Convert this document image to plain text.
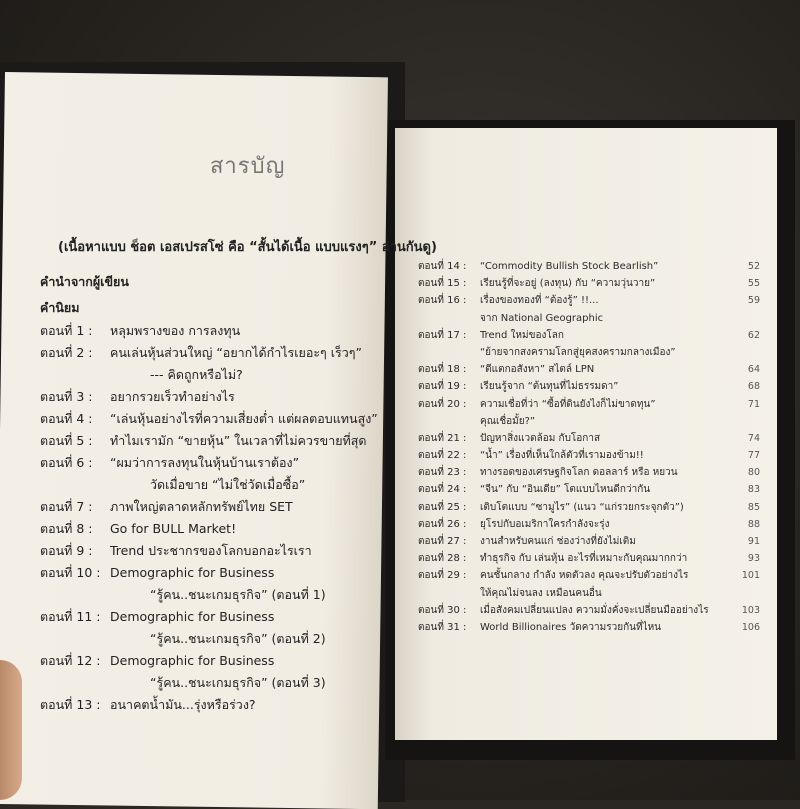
สารบัญ
(เนื้อหาแบบ ช็อต เอสเปรสโซ่ คือ “สั้นได้เนื้อ แบบแรงๆ” อ่านกันดู)
คำนำจากผู้เขียน
คำนิยม
ตอนที่ 1 : หลุมพรางของ การลงทุน
ตอนที่ 2 : คนเล่นหุ้นส่วนใหญ่ “อยากได้กำไรเยอะๆ เร็วๆ”
--- คิดถูกหรือไม่?
ตอนที่ 3 : อยากรวยเร็วทำอย่างไร
ตอนที่ 4 : “เล่นหุ้นอย่างไรที่ความเสี่ยงต่ำ แต่ผลตอบแทนสูง”
ตอนที่ 5 : ทำไมเรามัก “ขายหุ้น” ในเวลาที่ไม่ควรขายที่สุด
ตอนที่ 6 : “ผมว่าการลงทุนในหุ้นบ้านเราต้อง”
วัดเมื่อขาย “ไม่ใช่วัดเมื่อซื้อ”
ตอนที่ 7 : ภาพใหญ่ตลาดหลักทรัพย์ไทย SET
ตอนที่ 8 : Go for BULL Market!
ตอนที่ 9 : Trend ประชากรของโลกบอกอะไรเรา
ตอนที่ 10 : Demographic for Business
“รู้คน..ชนะเกมธุรกิจ” (ตอนที่ 1)
ตอนที่ 11 : Demographic for Business
“รู้คน..ชนะเกมธุรกิจ” (ตอนที่ 2)
ตอนที่ 12 : Demographic for Business
“รู้คน..ชนะเกมธุรกิจ” (ตอนที่ 3)
ตอนที่ 13 : อนาคตน้ำมัน...รุ่งหรือร่วง?
ตอนที่ 14 : “Commodity Bullish Stock Bearlish”	52
ตอนที่ 15 : เรียนรู้ที่จะอยู่ (ลงทุน) กับ “ความวุ่นวาย”	55
ตอนที่ 16 : เรื่องของทองที่ “ต้องรู้” !!...	59
จาก National Geographic
ตอนที่ 17 : Trend ใหม่ของโลก	62
“ย้ายจากสงครามโลกสู่ยุคสงครามกลางเมือง”
ตอนที่ 18 : “ตีแตกอสังหา” สไตล์ LPN	64
ตอนที่ 19 : เรียนรู้จาก “ต้นทุนที่ไม่ธรรมดา”	68
ตอนที่ 20 : ความเชื่อที่ว่า “ซื้อที่ดินยังไงก็ไม่ขาดทุน”	71
คุณเชื่อมั้ย?”
ตอนที่ 21 : ปัญหาสิ่งแวดล้อม กับโอกาส	74
ตอนที่ 22 : “น้ำ” เรื่องที่เห็นใกล้ตัวที่เรามองข้าม!!	77
ตอนที่ 23 : ทางรอดของเศรษฐกิจโลก ดอลลาร์ หรือ หยวน	80
ตอนที่ 24 : “จีน” กับ “อินเดีย” โตแบบไหนดีกว่ากัน	83
ตอนที่ 25 : เติบโตแบบ “ซามูไร” (แนว “แก่รวยกระจุกตัว”)	85
ตอนที่ 26 : ยุโรปกับอเมริกาใครกำลังจะรุ่ง	88
ตอนที่ 27 : งานสำหรับคนแก่ ช่องว่างที่ยังไม่เติม	91
ตอนที่ 28 : ทำธุรกิจ กับ เล่นหุ้น อะไรที่เหมาะกับคุณมากกว่า	93
ตอนที่ 29 : คนชั้นกลาง กำลัง หดตัวลง คุณจะปรับตัวอย่างไร	101
ให้คุณไม่จนลง เหมือนคนอื่น
ตอนที่ 30 : เมื่อสังคมเปลี่ยนแปลง ความมั่งคั่งจะเปลี่ยนมืออย่างไร	103
ตอนที่ 31 : World Billionaires วัดความรวยกันที่ไหน	106
